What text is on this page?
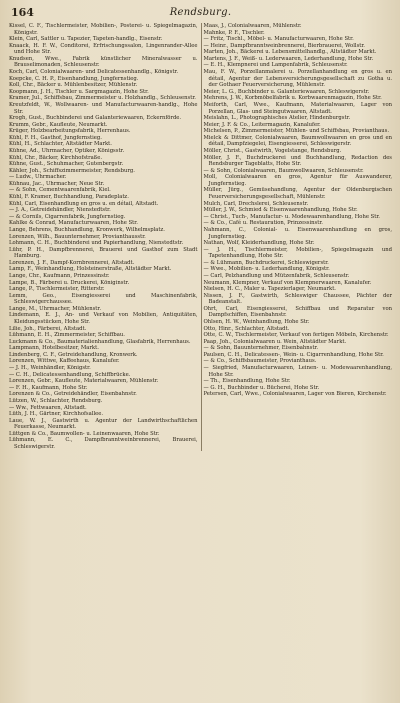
164	Rendsburg.

Kissel, C. F., Tischlermeister, Mobilien-, Posterei- u. Spiegelmagazin, Königstr.

Klein, Carl, Sattler u. Tapezier, Tapeten-handlg., Eisenstr.

Knaack, H. F. W., Conditorei, Erfrischungssalon, Lingenrander-Allee und Hohe Str.

Knudsen, Wwe., Fabrik künstlicher Mineralwasser u. Brauselimonaden, Schleusenstr.

Koch, Carl, Colonialwaaren- und Delicatessenhandlg., Königstr.

Koepcke, C. H. P., Eisenhandlung, Jungfernstieg.

Koll, Chr., Bäcker u. Mühlenbesitzer, Mühlenstr.

Koopmann, J. H., Tischler u. Sargmagazin, Hohe Str.

Kramer, Jul., Schiffsbau, Zimmermeister u. Holzhandlg., Schleusenstr.

Kreutzfeldt, W., Wollwaaren- und Manufacturwaaren-handlg., Hohe Str.

Krogh, Gust., Buchbinderei und Galanteriewaaren, Eckernförde.

Krumm, Gebr., Kaufleute, Neumarkt.

Krüger, Holzbearbeitungsfabrik, Herrenhaus.

Kühl, F. H., Gasthof, Jungfernstieg.

Kühl, H., Schlachter, Altstädter Markt.

Kühne, Ad., Uhrmacher, Optiker, Königsstr.

Kühl, Chr., Bäcker, Kirchhofstraße.

Kühne, Gust., Schuhmacher, Gutenbergstr.

Kähler, Joh., Schiffszimmermeister, Rendsburg.

— Ludw., Uhrmacher.

Kühnau, Jac., Uhrmacher, Neue Str.

— & Sohn, Cementwaarenfabrik, Kiel.

Kühl, F. Kramer, Buchhandlung, Paradeplatz.

Kühl, Carl, Eisenhandlung en gros u. en détail, Altstadt.

— J. A., Getreidehändler, Nienstedtstr.

— & Cornils, Cigarrenfabrik, Jungfernstieg.

Kahlke & Conrad, Manufacturwaaren, Hohe Str.

Lange, Behrens, Buchhandlung, Kronwerk, Wilhelmsplatz.

Lorenzen, Wilh., Bauunternehmer, Provianthausstr.

Lohmann, C. H., Buchbinderei und Papierhandlung, Nienstedtstr.

Lühr, P. H., Dampfbrennerei, Brauerei und Gasthof zum Stadt Hamburg.

Lorenzen, J. F., Dampf-Kornbrennerei, Altstadt.

Lamp, F., Weinhandlung, Holsteinerstraße, Altstädter Markt.

Lange, Chr., Kaufmann, Prinzessinstr.

Lampe, B., Färberei u. Druckerei, Königinstr.

Lange, P., Tischlermeister, Ritterstr.

Lemm, Geo., Eisengiesserei und Maschinenfabrik, Schleswigerchaussee.

Lange, M., Uhrmacher, Mühlenstr.

Lindemann, E. J., An- und Verkauf von Mobilien, Antiquitäten, Kleidungsstücken, Hohe Str.

Lilie, Joh., Färberei, Altstadt.

Lühmann, E. H., Zimmermeister, Schiffbau.

Luckmann & Co., Baumaterialienhandlung, Glasfabrik, Herrenhaus.

Lampmann, Hotelbesitzer, Markt.

Lindenberg, C. F., Getreidehandlung, Kronwerk.

Lorenzen, Wittwe, Kaffeehaus, Kanalufer.

— J. H., Weinhändler, Königstr.

— C. H., Delicatessenhandlung, Schiffbrücke.

Lorenzen, Gebr., Kaufleute, Materialwaaren, Mühlenstr.

— F. H., Kaufmann, Hohe Str.

Lorenzen & Co., Getreidehändler, Eisenbahnstr.

Lützen, W., Schlachter, Rendsburg.

— Ww., Fettwaaren, Altstadt.

Lüth, J. H., Gärtner, Kirchhofsallee.

Laue, W. J., Gastwirth u. Agentur der Landwirthschaftlichen Feuerkasse, Neumarkt.

Lüttgen & Co., Baumwollen- u. Leinenwaaren, Hohe Str.

Lühmann, E. C., Dampfbranntweinbrennerei, Brauerei, Schleswigerstr.

Maas, J., Colonialwaaren, Mühlenstr.

Mahnke, P. F., Tischler.

— Fritz, Tischl., Möbel- u. Manufacturwaaren, Hohe Str.

— Heinr., Dampfbranntweinbrennerei, Bierbrauerei, Wollstr.

Marten, Joh., Bäckerei u. Lebensmittelhandlg., Altstädter Markt.

Martens, J. F., Weiß- u. Lederwaaren, Lederhandlung, Hohe Str.

— E. H., Klempnerei und Lampenfabrik, Schleusenstr.

Mau, F. W., Porzellanmalerei u. Porzellanhandlung en gros u. en détail, Agentur der Lebensversicherungsgesellschaft zu Gotha u. der Gothaer Feuerversicherung, Mühlenstr.

Meier, L. G., Buchbinder u. Galanteriewaaren, Schleswigerstr.

Mehrens, J. W., Korbmöbelfabrik u. Korbwaarenmagazin, Hohe Str.

Meiforth, Carl, Wwe., Kaufmann, Materialwaaren, Lager von Porzellan, Glas- und Steingutwaaren, Altstadt.

Meislahn, L., Photographisches Atelier, Hindenburgstr.

Meier, J. F. & Co., Leitermagazin, Kanalufer.

Michelsen, P., Zimmermeister, Mühlen- und Schiffsbau, Provianthaus.

Mielck & Dittmer, Colonialwaaren, Baumwollwaaren en gros und en détail, Dampfziegelei, Eisengiesserei, Schleswigerstr.

Möller, Christ., Gastwirth, Vogelstange, Rendsburg.

Möller, J. F., Buchdruckerei und Buchhandlung, Redaction des Rendsburger Tageblatts, Hohe Str.

— & Sohn, Colonialwaaren, Baumwollwaaren, Schleusenstr.

Moll, Colonialwaaren en gros, Agentur für Auswanderer, Jungfernstieg.

Müller, Jürg., Gemüsehandlung, Agentur der Oldenburgischen Feuerversicherungsgesellschaft, Mühlenstr.

Mulch, Carl, Drechslerei, Schleusenstr.

Müller, J. W., Schmied & Eisenwaarenhandlung, Hohe Str.

— Christ., Tuch-, Manufactur- u. Modewaarenhandlung, Hohe Str.

— & Co., Café u. Restauration, Prinzessinstr.

Nahmann, C., Colonial- u. Eisenwaarenhandlung en gros, Jungfernstieg.

Nathan, Wolf, Kleiderhandlung, Hohe Str.

— J. H., Tischlermeister, Mobilien-, Spiegelmagazin und Tapetenhandlung, Hohe Str.

— & Lühmann, Buchdruckerei, Schleswigerstr.

— Wwe., Mobilien- u. Lederhandlung, Königstr.

— Carl, Pelzhandlung und Mützenfabrik, Schleusenstr.

Neumann, Klempner, Verkauf von Klempnerwaaren, Kanalufer.

Nielsen, H. C., Maler u. Tapezierlager, Neumarkt.

Nissen, J. F., Gastwirth, Schleswiger Chaussee, Pächter der Badeanstalt.

Ohrt, Carl, Eisengiesserei, Schiffbau und Reparatur von Dampfschiffen, Eisenbahnstr.

Ohlsen, H. W., Weinhandlung, Hohe Str.

Otto, Hinr., Schlachter, Altstadt.

Otte, C. W., Tischlermeister, Verkauf von fertigen Möbeln, Kirchenstr.

Paap, Joh., Colonialwaaren u. Wein, Altstädter Markt.

— & Sohn, Bauunternehmer, Eisenbahnstr.

Paulsen, C. H., Delicatessen-, Wein- u. Cigarrenhandlung, Hohe Str.

— & Co., Schiffsbaumeister, Provianthaus.

— Siegfried, Manufacturwaaren, Leinen- u. Modewaarenhandlung, Hohe Str.

— Th., Eisenhandlung, Hohe Str.

— G. H., Buchbinder u. Bücherei, Hohe Str.

Petersen, Carl, Wwe., Colonialwaaren, Lager von Bieren, Kirchenstr.
